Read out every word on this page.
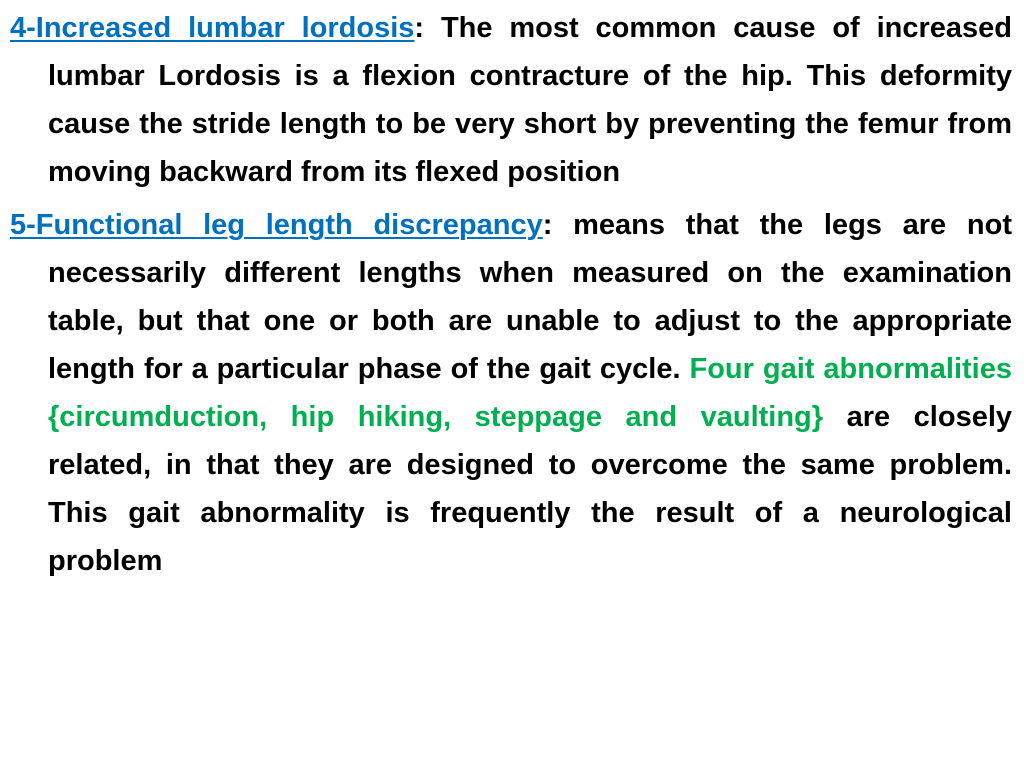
4-Increased lumbar lordosis: The most common cause of increased lumbar Lordosis is a flexion contracture of the hip. This deformity cause the stride length to be very short by preventing the femur from moving backward from its flexed position

5-Functional leg length discrepancy: means that the legs are not necessarily different lengths when measured on the examination table, but that one or both are unable to adjust to the appropriate length for a particular phase of the gait cycle. Four gait abnormalities {circumduction, hip hiking, steppage and vaulting} are closely related, in that they are designed to overcome the same problem. This gait abnormality is frequently the result of a neurological problem
